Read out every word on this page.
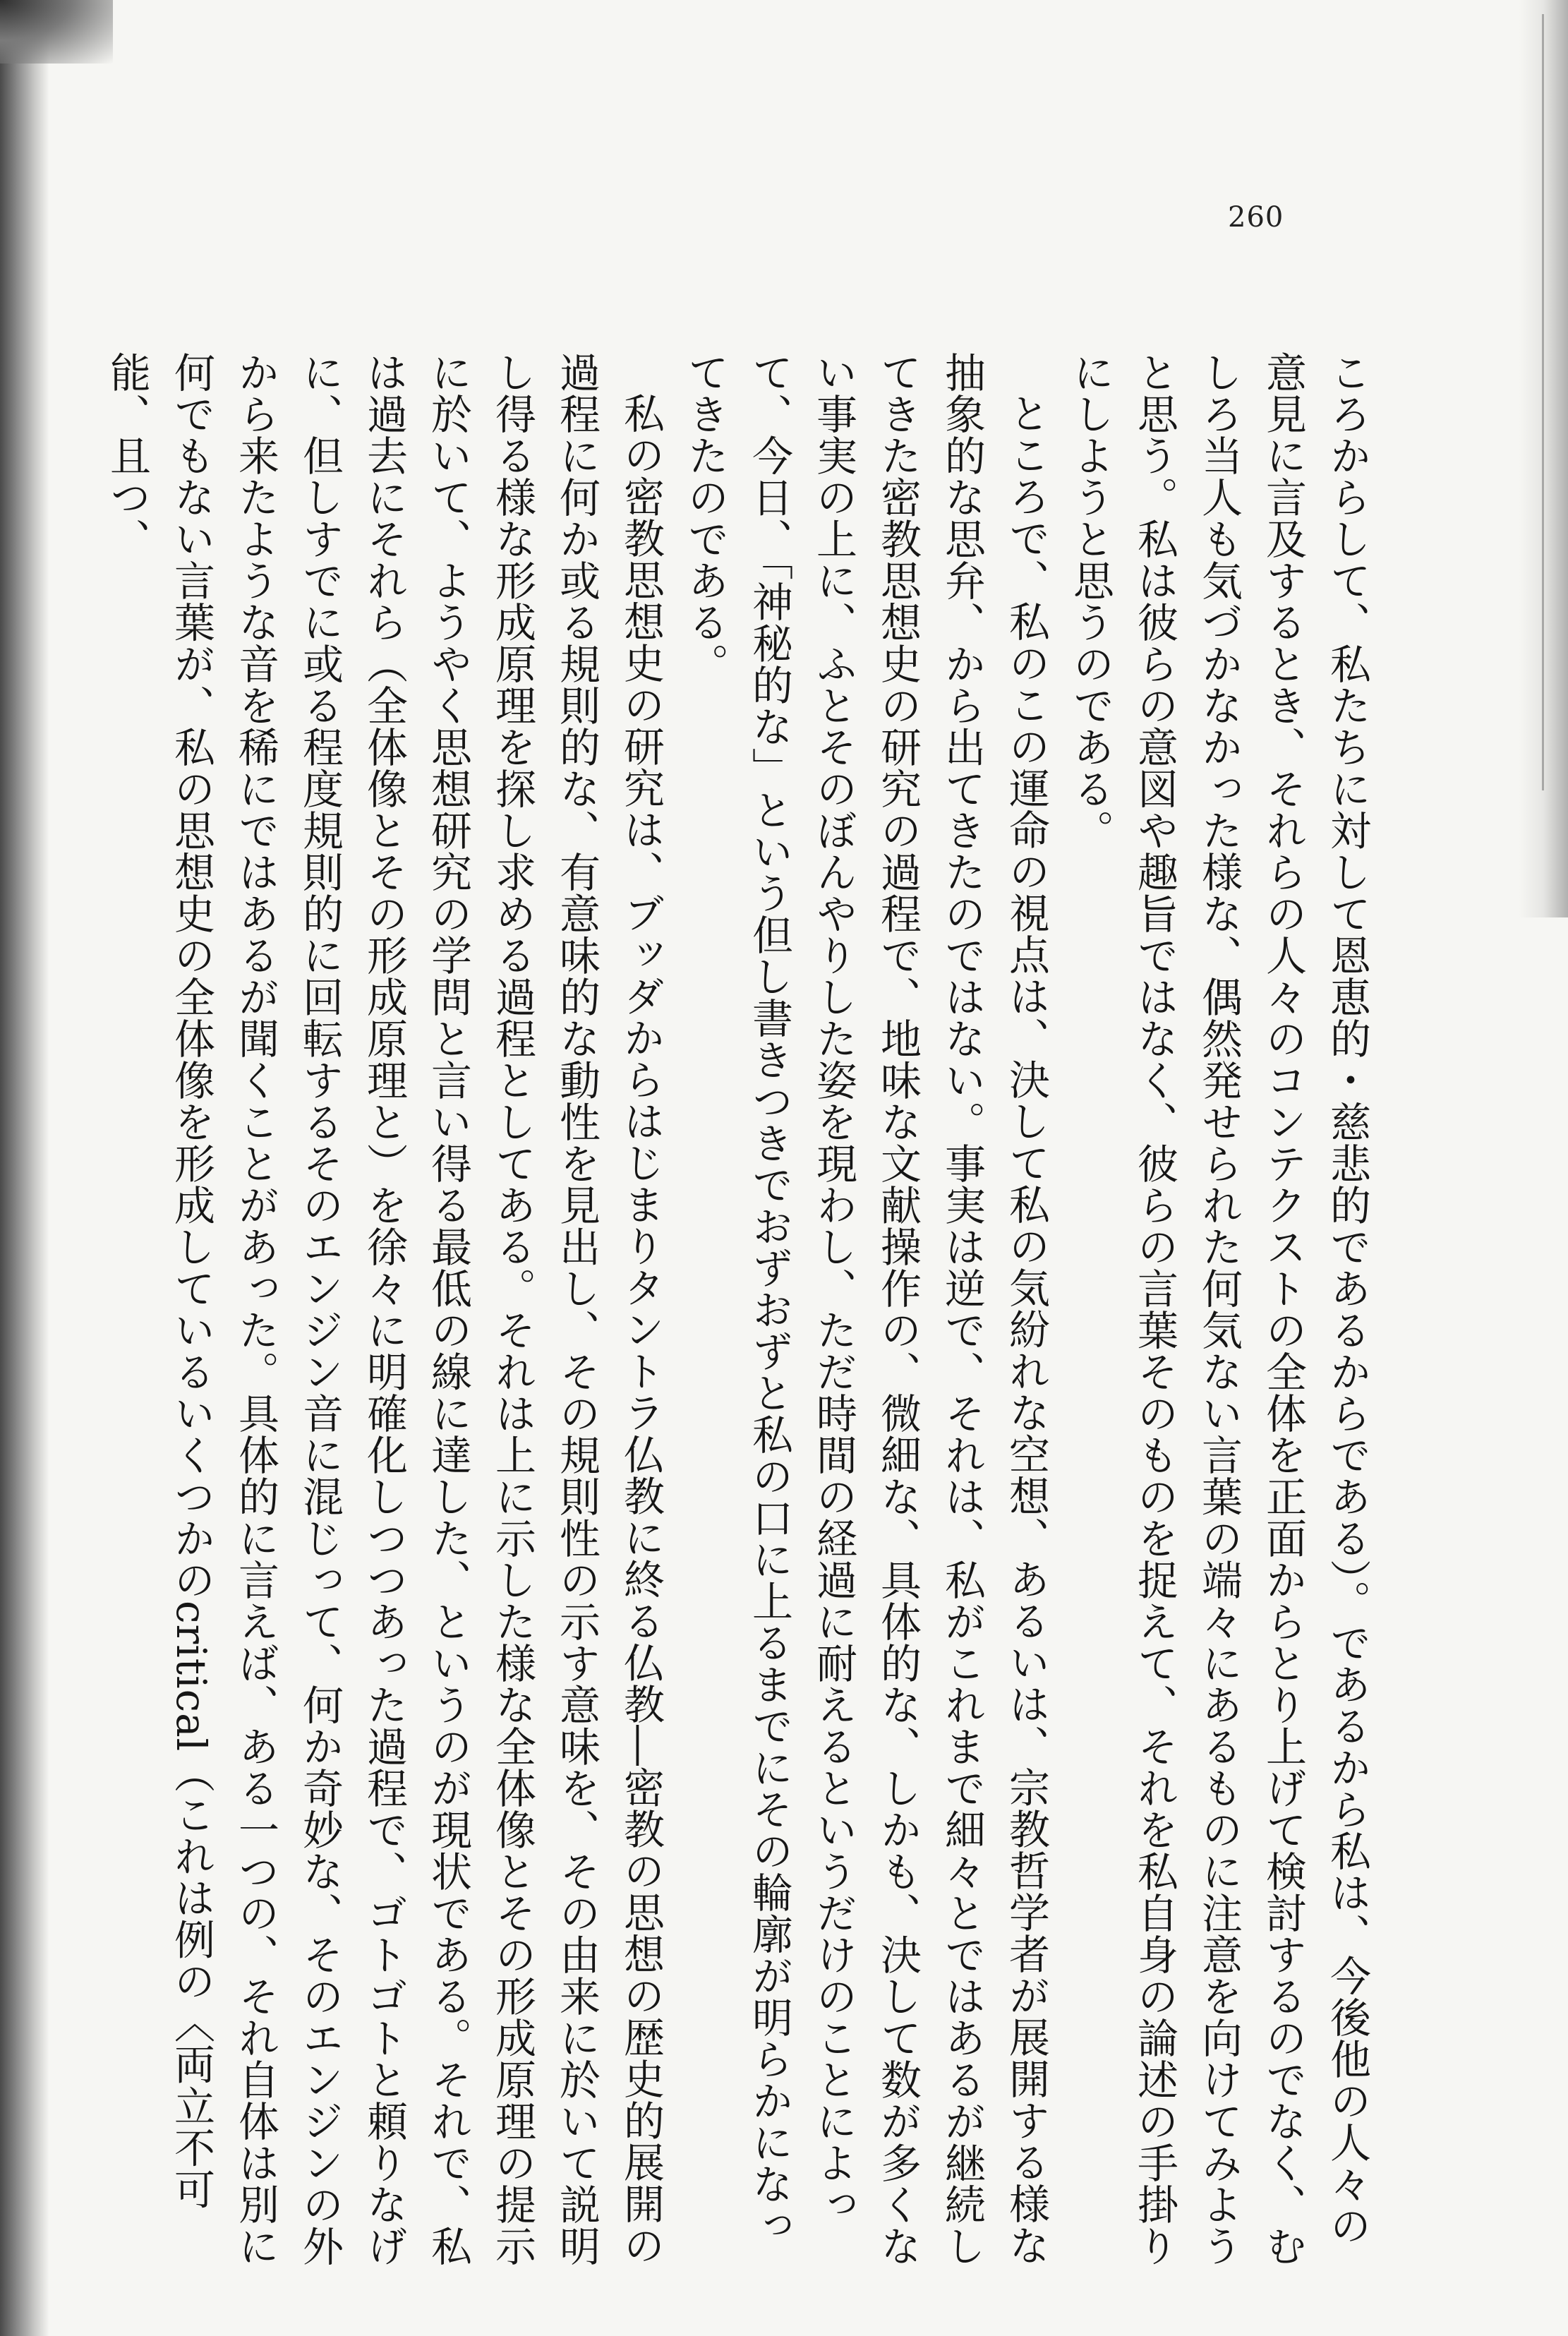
260

ころからして、私たちに対して恩恵的・慈悲的であるからである）。であるから私は、今後他の人々の意見に言及するとき、それらの人々のコンテクストの全体を正面からとり上げて検討するのでなく、むしろ当人も気づかなかった様な、偶然発せられた何気ない言葉の端々にあるものに注意を向けてみようと思う。私は彼らの意図や趣旨ではなく、彼らの言葉そのものを捉えて、それを私自身の論述の手掛りにしようと思うのである。

ところで、私のこの運命の視点は、決して私の気紛れな空想、あるいは、宗教哲学者が展開する様な抽象的な思弁、から出てきたのではない。事実は逆で、それは、私がこれまで細々とではあるが継続してきた密教思想史の研究の過程で、地味な文献操作の、微細な、具体的な、しかも、決して数が多くない事実の上に、ふとそのぼんやりした姿を現わし、ただ時間の経過に耐えるというだけのことによって、今日、「神秘的な」という但し書きつきでおずおずと私の口に上るまでにその輪廓が明らかになってきたのである。

私の密教思想史の研究は、ブッダからはじまりタントラ仏教に終る仏教―密教の思想の歴史的展開の過程に何か或る規則的な、有意味的な動性を見出し、その規則性の示す意味を、その由来に於いて説明し得る様な形成原理を探し求める過程としてある。それは上に示した様な全体像とその形成原理の提示に於いて、ようやく思想研究の学問と言い得る最低の線に達した、というのが現状である。それで、私は過去にそれら（全体像とその形成原理と）を徐々に明確化しつつあった過程で、ゴトゴトと頼りなげに、但しすでに或る程度規則的に回転するそのエンジン音に混じって、何か奇妙な、そのエンジンの外から来たような音を稀にではあるが聞くことがあった。具体的に言えば、ある一つの、それ自体は別に何でもない言葉が、私の思想史の全体像を形成しているいくつかのcritical（これは例の〈両立不可能、且つ、
